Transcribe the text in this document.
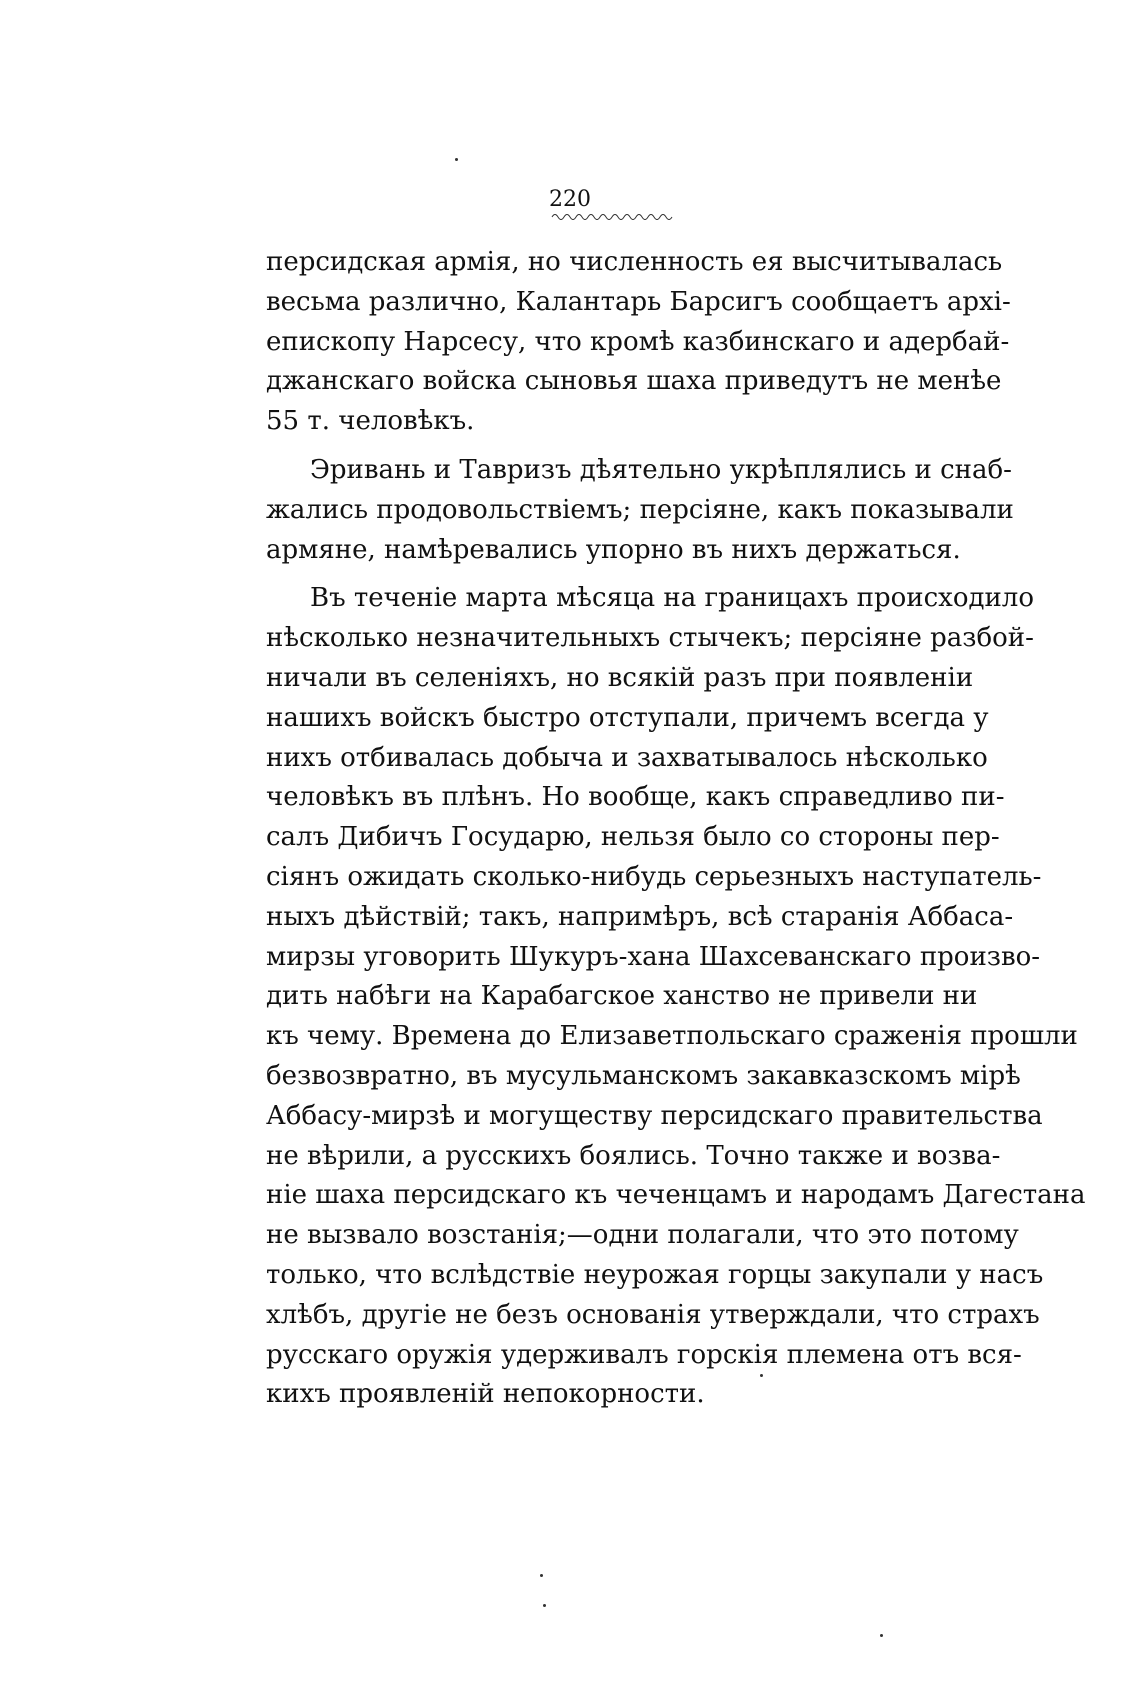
220
персидская армія, но численность ея высчитывалась
весьма различно, Калантарь Барсигъ сообщаетъ архі-
епископу Нарсесу, что кромѣ казбинскаго и адербай-
джанскаго войска сыновья шаха приведутъ не менѣе
55 т. человѣкъ.
Эривань и Тавризъ дѣятельно укрѣплялись и снаб-
жались продовольствіемъ; персіяне, какъ показывали
армяне, намѣревались упорно въ нихъ держаться.
Въ теченіе марта мѣсяца на границахъ происходило
нѣсколько незначительныхъ стычекъ; персіяне разбой-
ничали въ селеніяхъ, но всякій разъ при появленіи
нашихъ войскъ быстро отступали, причемъ всегда у
нихъ отбивалась добыча и захватывалось нѣсколько
человѣкъ въ плѣнъ. Но вообще, какъ справедливо пи-
салъ Дибичъ Государю, нельзя было со стороны пер-
сіянъ ожидать сколько-нибудь серьезныхъ наступатель-
ныхъ дѣйствій; такъ, напримѣръ, всѣ старанія Аббаса-
мирзы уговорить Шукуръ-хана Шахсеванскаго произво-
дить набѣги на Карабагское ханство не привели ни
къ чему. Времена до Елизаветпольскаго сраженія прошли
безвозвратно, въ мусульманскомъ закавказскомъ мірѣ
Аббасу-мирзѣ и могуществу персидскаго правительства
не вѣрили, а русскихъ боялись. Точно также и возва-
ніе шаха персидскаго къ чеченцамъ и народамъ Дагестана
не вызвало возстанія;—одни полагали, что это потому
только, что вслѣдствіе неурожая горцы закупали у насъ
хлѣбъ, другіе не безъ основанія утверждали, что страхъ
русскаго оружія удерживалъ горскія племена отъ вся-
кихъ проявленій непокорности.
